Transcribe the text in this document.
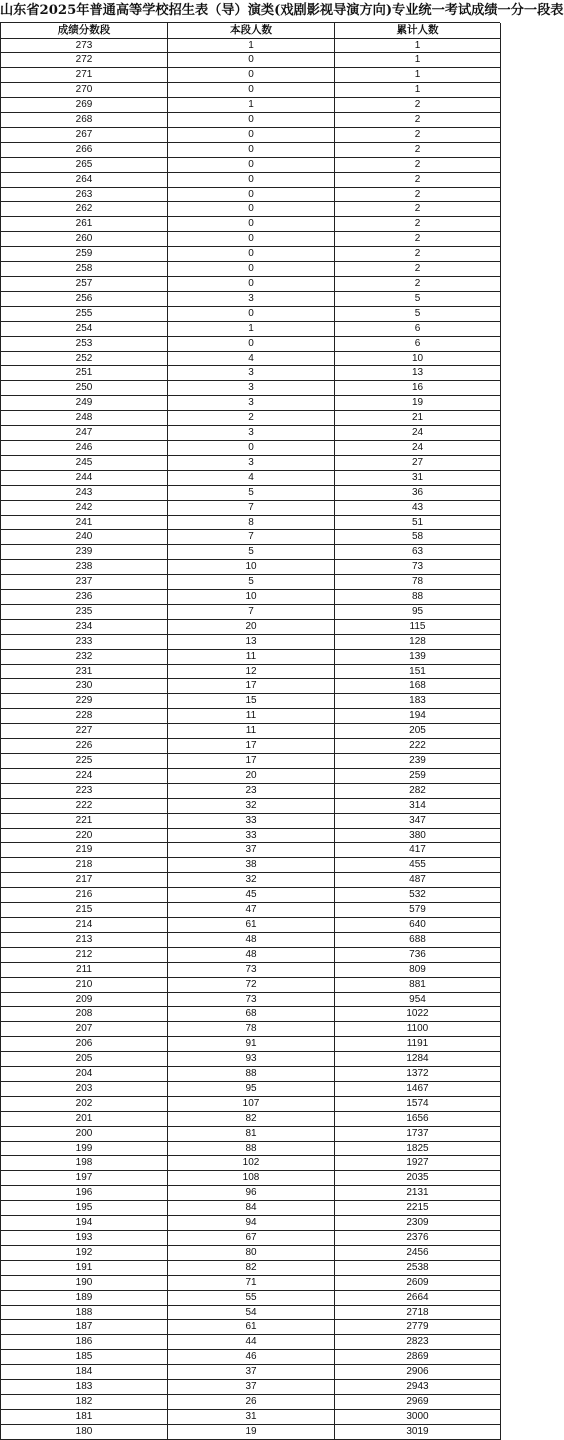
山东省2025年普通高等学校招生表（导）演类(戏剧影视导演方向)专业统一考试成绩一分一段表
成绩分数段	本段人数	累计人数
273	1	1
272	0	1
271	0	1
270	0	1
269	1	2
268	0	2
267	0	2
266	0	2
265	0	2
264	0	2
263	0	2
262	0	2
261	0	2
260	0	2
259	0	2
258	0	2
257	0	2
256	3	5
255	0	5
254	1	6
253	0	6
252	4	10
251	3	13
250	3	16
249	3	19
248	2	21
247	3	24
246	0	24
245	3	27
244	4	31
243	5	36
242	7	43
241	8	51
240	7	58
239	5	63
238	10	73
237	5	78
236	10	88
235	7	95
234	20	115
233	13	128
232	11	139
231	12	151
230	17	168
229	15	183
228	11	194
227	11	205
226	17	222
225	17	239
224	20	259
223	23	282
222	32	314
221	33	347
220	33	380
219	37	417
218	38	455
217	32	487
216	45	532
215	47	579
214	61	640
213	48	688
212	48	736
211	73	809
210	72	881
209	73	954
208	68	1022
207	78	1100
206	91	1191
205	93	1284
204	88	1372
203	95	1467
202	107	1574
201	82	1656
200	81	1737
199	88	1825
198	102	1927
197	108	2035
196	96	2131
195	84	2215
194	94	2309
193	67	2376
192	80	2456
191	82	2538
190	71	2609
189	55	2664
188	54	2718
187	61	2779
186	44	2823
185	46	2869
184	37	2906
183	37	2943
182	26	2969
181	31	3000
180	19	3019
